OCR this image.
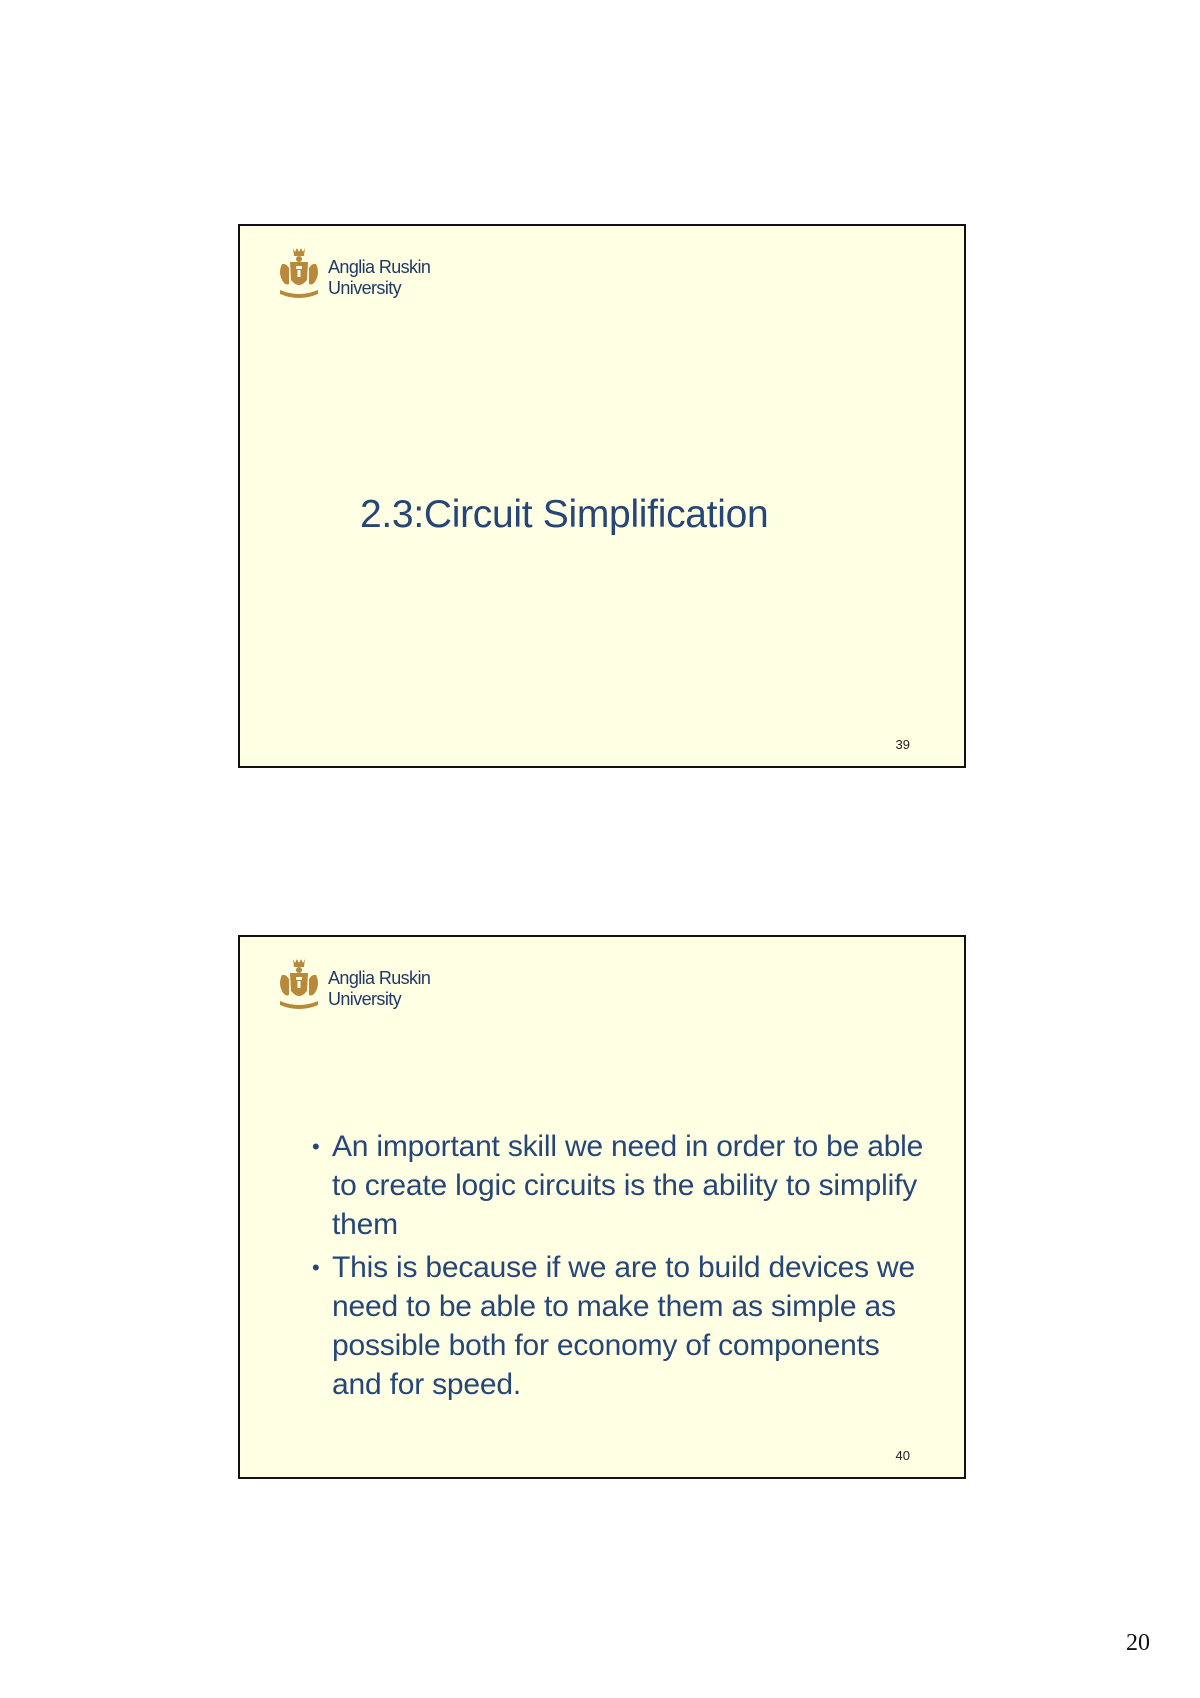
Anglia Ruskin
University
2.3:Circuit Simplification
39
Anglia Ruskin
University
• An important skill we need in order to be able to create logic circuits is the ability to simplify them
• This is because if we are to build devices we need to be able to make them as simple as possible both for economy of components and for speed.
40
20
